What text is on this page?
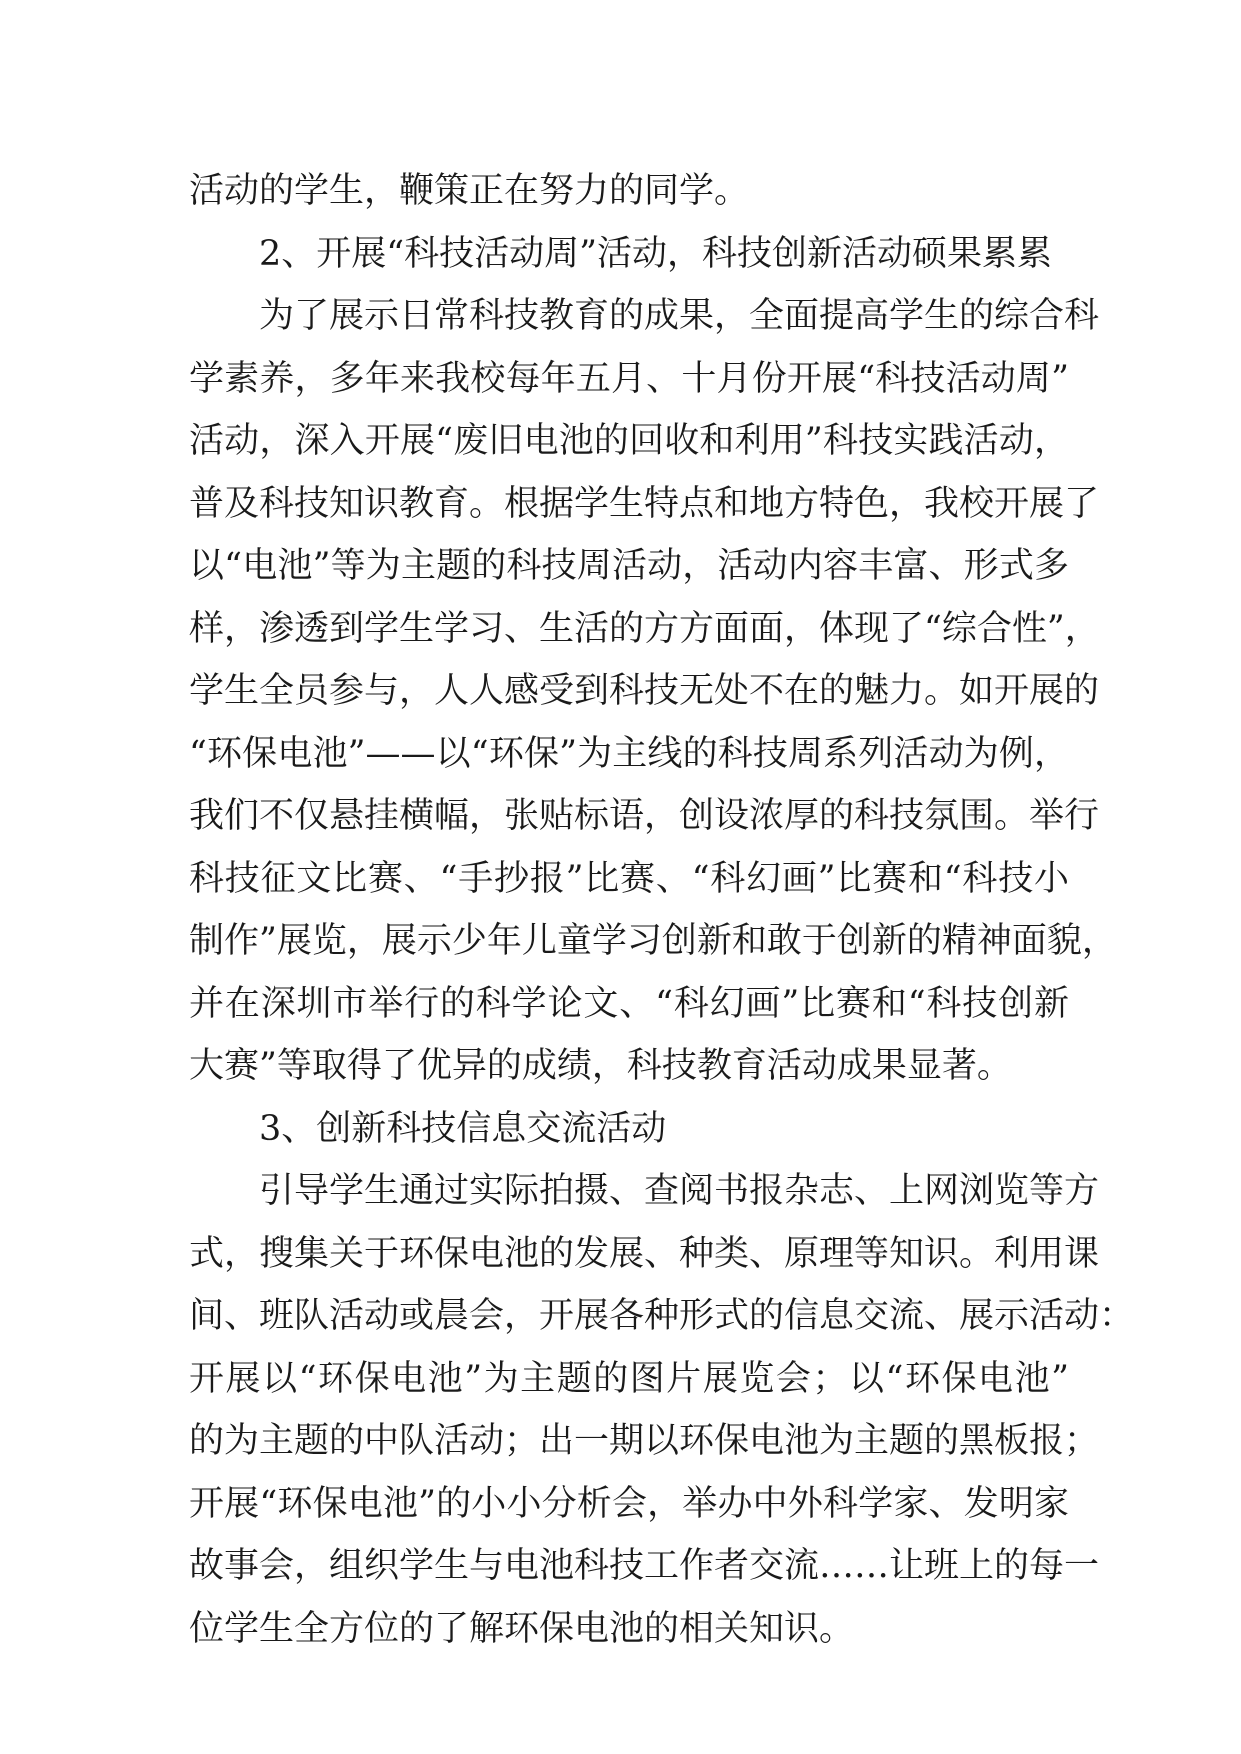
活动的学生，鞭策正在努力的同学。

　　2、开展“科技活动周”活动，科技创新活动硕果累累

　　为了展示日常科技教育的成果，全面提高学生的综合科

学素养，多年来我校每年五月、十月份开展“科技活动周”

活动，深入开展“废旧电池的回收和利用”科技实践活动，

普及科技知识教育。根据学生特点和地方特色，我校开展了

以“电池”等为主题的科技周活动，活动内容丰富、形式多

样，渗透到学生学习、生活的方方面面，体现了“综合性”，

学生全员参与，人人感受到科技无处不在的魅力。如开展的

“环保电池”——以“环保”为主线的科技周系列活动为例，

我们不仅悬挂横幅，张贴标语，创设浓厚的科技氛围。举行

科技征文比赛、“手抄报”比赛、“科幻画”比赛和“科技小

制作”展览，展示少年儿童学习创新和敢于创新的精神面貌，

并在深圳市举行的科学论文、“科幻画”比赛和“科技创新

大赛”等取得了优异的成绩，科技教育活动成果显著。

　　3、创新科技信息交流活动

　　引导学生通过实际拍摄、查阅书报杂志、上网浏览等方

式，搜集关于环保电池的发展、种类、原理等知识。利用课

间、班队活动或晨会，开展各种形式的信息交流、展示活动：

开展以“环保电池”为主题的图片展览会；以“环保电池”

的为主题的中队活动；出一期以环保电池为主题的黑板报；

开展“环保电池”的小小分析会，举办中外科学家、发明家

故事会，组织学生与电池科技工作者交流……让班上的每一

位学生全方位的了解环保电池的相关知识。
